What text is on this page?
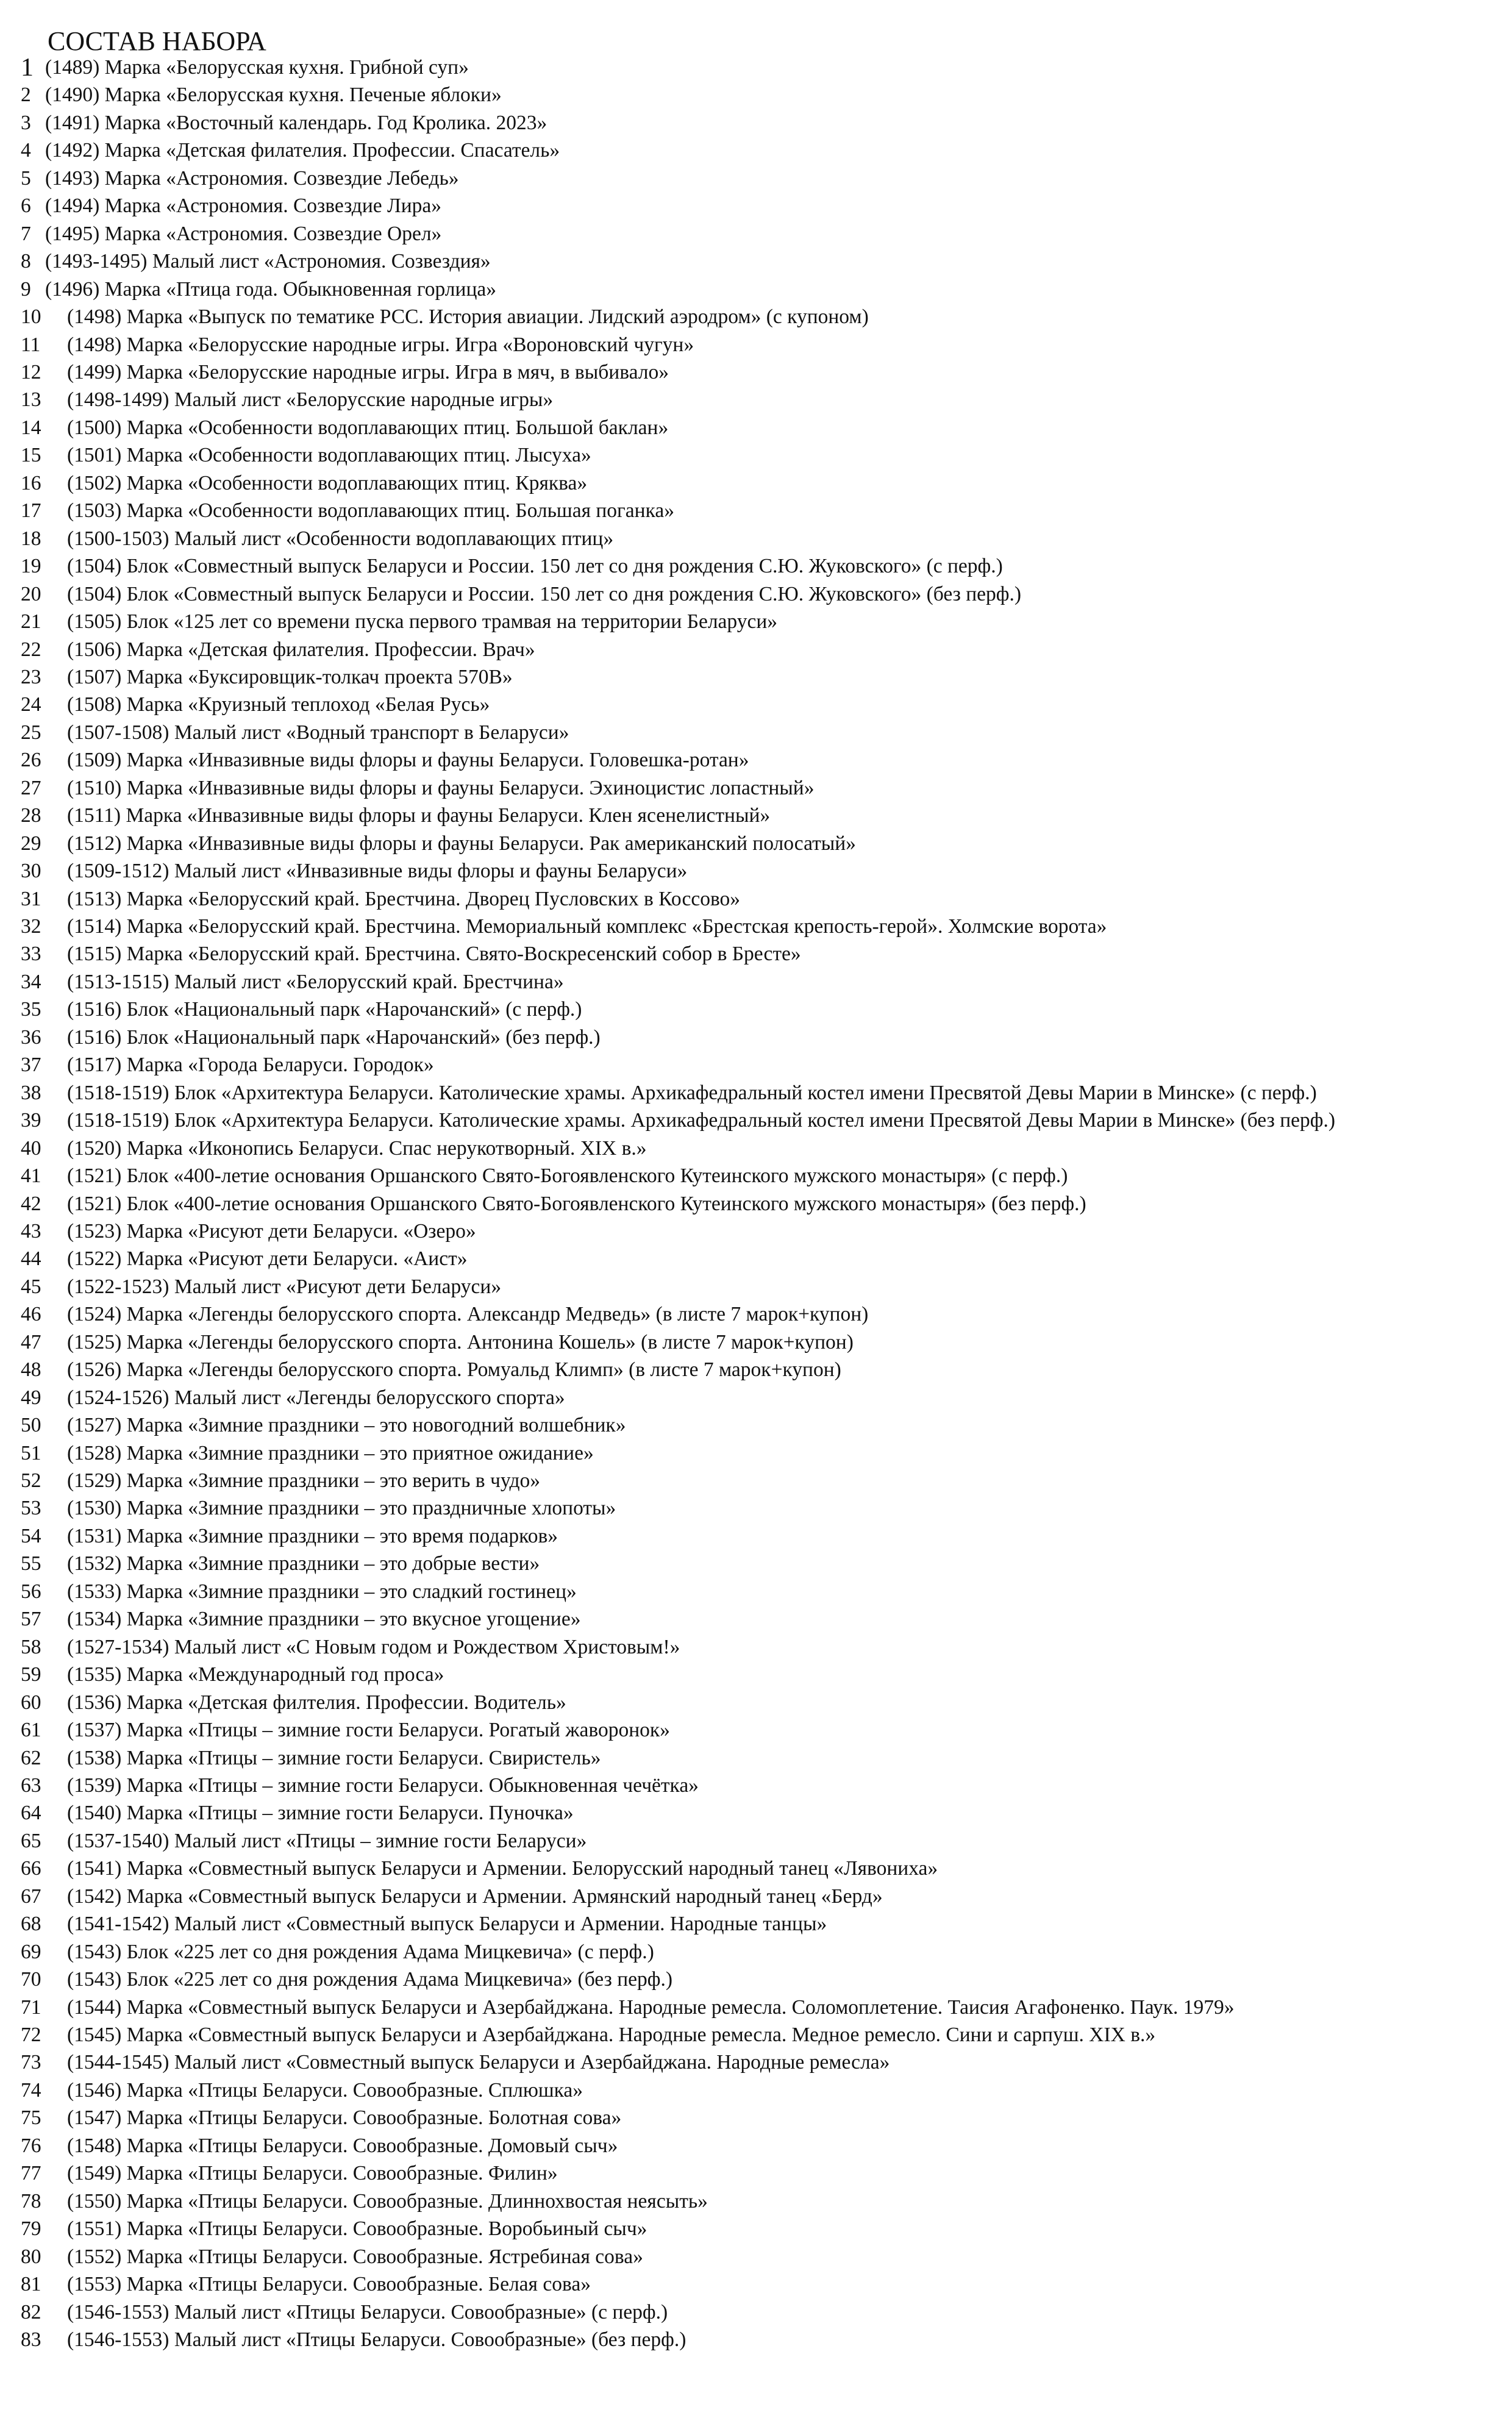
СОСТАВ НАБОРА
1 (1489) Марка «Белорусская кухня. Грибной суп»
2 (1490) Марка «Белорусская кухня. Печеные яблоки»
3 (1491) Марка «Восточный календарь. Год Кролика. 2023»
4 (1492) Марка «Детская филателия. Профессии. Спасатель»
5 (1493) Марка «Астрономия. Созвездие Лебедь»
6 (1494) Марка «Астрономия. Созвездие Лира»
7 (1495) Марка «Астрономия. Созвездие Орел»
8 (1493-1495) Малый лист «Астрономия. Созвездия»
9 (1496) Марка «Птица года. Обыкновенная горлица»
10 (1498) Марка «Выпуск по тематике РСС. История авиации. Лидский аэродром» (с купоном)
11 (1498) Марка «Белорусские народные игры. Игра «Вороновский чугун»
12 (1499) Марка «Белорусские народные игры. Игра в мяч, в выбивало»
13 (1498-1499) Малый лист «Белорусские народные игры»
14 (1500) Марка «Особенности водоплавающих птиц. Большой баклан»
15 (1501) Марка «Особенности водоплавающих птиц. Лысуха»
16 (1502) Марка «Особенности водоплавающих птиц. Кряква»
17 (1503) Марка «Особенности водоплавающих птиц. Большая поганка»
18 (1500-1503) Малый лист «Особенности водоплавающих птиц»
19 (1504) Блок «Совместный выпуск Беларуси и России. 150 лет со дня рождения С.Ю. Жуковского» (с перф.)
20 (1504) Блок «Совместный выпуск Беларуси и России. 150 лет со дня рождения С.Ю. Жуковского» (без перф.)
21 (1505) Блок «125 лет со времени пуска первого трамвая на территории Беларуси»
22 (1506) Марка «Детская филателия. Профессии. Врач»
23 (1507) Марка «Буксировщик-толкач проекта 570В»
24 (1508) Марка «Круизный теплоход «Белая Русь»
25 (1507-1508) Малый лист «Водный транспорт в Беларуси»
26 (1509) Марка «Инвазивные виды флоры и фауны Беларуси. Головешка-ротан»
27 (1510) Марка «Инвазивные виды флоры и фауны Беларуси. Эхиноцистис лопастный»
28 (1511) Марка «Инвазивные виды флоры и фауны Беларуси. Клен ясенелистный»
29 (1512) Марка «Инвазивные виды флоры и фауны Беларуси. Рак американский полосатый»
30 (1509-1512) Малый лист «Инвазивные виды флоры и фауны Беларуси»
31 (1513) Марка «Белорусский край. Брестчина. Дворец Пусловских в Коссово»
32 (1514) Марка «Белорусский край. Брестчина. Мемориальный комплекс «Брестская крепость-герой». Холмские ворота»
33 (1515) Марка «Белорусский край. Брестчина. Свято-Воскресенский собор в Бресте»
34 (1513-1515) Малый лист «Белорусский край. Брестчина»
35 (1516) Блок «Национальный парк «Нарочанский» (с перф.)
36 (1516) Блок «Национальный парк «Нарочанский» (без перф.)
37 (1517) Марка «Города Беларуси. Городок»
38 (1518-1519) Блок «Архитектура Беларуси. Католические храмы. Архикафедральный костел имени Пресвятой Девы Марии в Минске» (с перф.)
39 (1518-1519) Блок «Архитектура Беларуси. Католические храмы. Архикафедральный костел имени Пресвятой Девы Марии в Минске» (без перф.)
40 (1520) Марка «Иконопись Беларуси. Спас нерукотворный. XIX в.»
41 (1521) Блок «400-летие основания Оршанского Свято-Богоявленского Кутеинского мужского монастыря» (с перф.)
42 (1521) Блок «400-летие основания Оршанского Свято-Богоявленского Кутеинского мужского монастыря» (без перф.)
43 (1523) Марка «Рисуют дети Беларуси. «Озеро»
44 (1522) Марка «Рисуют дети Беларуси. «Аист»
45 (1522-1523) Малый лист «Рисуют дети Беларуси»
46 (1524) Марка «Легенды белорусского спорта. Александр Медведь» (в листе 7 марок+купон)
47 (1525) Марка «Легенды белорусского спорта. Антонина Кошель» (в листе 7 марок+купон)
48 (1526) Марка «Легенды белорусского спорта. Ромуальд Климп» (в листе 7 марок+купон)
49 (1524-1526) Малый лист «Легенды белорусского спорта»
50 (1527) Марка «Зимние праздники – это новогодний волшебник»
51 (1528) Марка «Зимние праздники – это приятное ожидание»
52 (1529) Марка «Зимние праздники – это верить в чудо»
53 (1530) Марка «Зимние праздники – это праздничные хлопоты»
54 (1531) Марка «Зимние праздники – это время подарков»
55 (1532) Марка «Зимние праздники – это добрые вести»
56 (1533) Марка «Зимние праздники – это сладкий гостинец»
57 (1534) Марка «Зимние праздники – это вкусное угощение»
58 (1527-1534) Малый лист «С Новым годом и Рождеством Христовым!»
59 (1535) Марка «Международный год проса»
60 (1536) Марка «Детская филтелия. Профессии. Водитель»
61 (1537) Марка «Птицы – зимние гости Беларуси. Рогатый жаворонок»
62 (1538) Марка «Птицы – зимние гости Беларуси. Свиристель»
63 (1539) Марка «Птицы – зимние гости Беларуси. Обыкновенная чечётка»
64 (1540) Марка «Птицы – зимние гости Беларуси. Пуночка»
65 (1537-1540) Малый лист «Птицы – зимние гости Беларуси»
66 (1541) Марка «Совместный выпуск Беларуси и Армении. Белорусский народный танец «Лявониха»
67 (1542) Марка «Совместный выпуск Беларуси и Армении. Армянский народный танец «Берд»
68 (1541-1542) Малый лист «Совместный выпуск Беларуси и Армении. Народные танцы»
69 (1543) Блок «225 лет со дня рождения Адама Мицкевича» (с перф.)
70 (1543) Блок «225 лет со дня рождения Адама Мицкевича» (без перф.)
71 (1544) Марка «Совместный выпуск Беларуси и Азербайджана. Народные ремесла. Соломоплетение. Таисия Агафоненко. Паук. 1979»
72 (1545) Марка «Совместный выпуск Беларуси и Азербайджана. Народные ремесла. Медное ремесло. Сини и сарпуш. XIX в.»
73 (1544-1545) Малый лист «Совместный выпуск Беларуси и Азербайджана. Народные ремесла»
74 (1546) Марка «Птицы Беларуси. Совообразные. Сплюшка»
75 (1547) Марка «Птицы Беларуси. Совообразные. Болотная сова»
76 (1548) Марка «Птицы Беларуси. Совообразные. Домовый сыч»
77 (1549) Марка «Птицы Беларуси. Совообразные. Филин»
78 (1550) Марка «Птицы Беларуси. Совообразные. Длиннохвостая неясыть»
79 (1551) Марка «Птицы Беларуси. Совообразные. Воробьиный сыч»
80 (1552) Марка «Птицы Беларуси. Совообразные. Ястребиная сова»
81 (1553) Марка «Птицы Беларуси. Совообразные. Белая сова»
82 (1546-1553) Малый лист «Птицы Беларуси. Совообразные» (с перф.)
83 (1546-1553) Малый лист «Птицы Беларуси. Совообразные» (без перф.)
